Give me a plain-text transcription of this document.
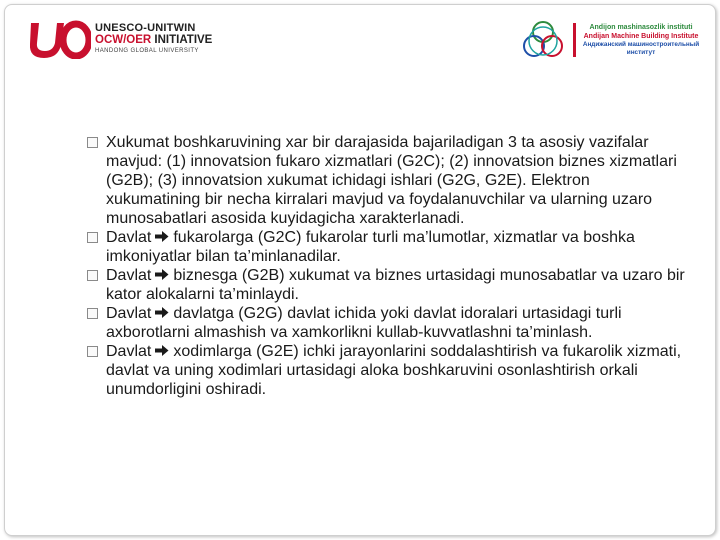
UNESCO-UNITWIN
OCW/OER INITIATIVE
HANDONG GLOBAL UNIVERSITY
Andijon mashinasozlik instituti
Andijan Machine Building Institute
Андижанский машиностроительный
институт
Xukumat boshkaruvining xar bir darajasida bajariladigan 3 ta asosiy vazifalar mavjud: (1) innovatsion fukaro xizmatlari (G2C); (2) innovatsion biznes xizmatlari (G2B); (3) innovatsion xukumat ichidagi ishlari (G2G, G2E). Elektron xukumatining bir necha kirralari mavjud va foydalanuvchilar va ularning uzaro munosabatlari asosida kuyidagicha xarakterlanadi.
Davlat fukarolarga (G2C) fukarolar turli ma’lumotlar, xizmatlar va boshka imkoniyatlar bilan ta’minlanadilar.
Davlat biznesga (G2B) xukumat va biznes urtasidagi munosabatlar va uzaro bir kator alokalarni ta’minlaydi.
Davlat davlatga (G2G) davlat ichida yoki davlat idoralari urtasidagi turli axborotlarni almashish va xamkorlikni kullab-kuvvatlashni ta’minlash.
Davlat xodimlarga (G2E) ichki jarayonlarini soddalashtirish va fukarolik xizmati, davlat va uning xodimlari urtasidagi aloka boshkaruvini osonlashtirish orkali unumdorligini oshiradi.
